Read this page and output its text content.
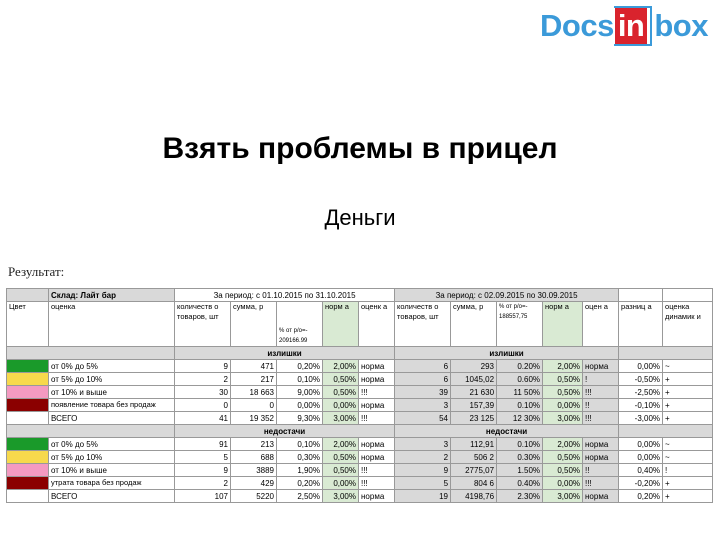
Docs in box
Взять проблемы в прицел
Деньги
Результат:
	Склад: Лайт бар	За период: с 01.10.2015 по 31.10.2015					За период: с 02.09.2015 по 30.09.2015						
Цвет	оценка	количеств о товаров, шт	сумма, р	% от р/о=- 209166.99	норм а	оценк а	количеств о товаров, шт	сумма, р	% от р/о=- 188557,75	норм а	оцен а	разниц а	оценка динамик и
		излишки					излишки						

	от 0% до 5%	9	471	0,20%	2,00%	норма	6	293	0.20%	2,00%	норма	0,00%	~

	от 5% до 10%	2	217	0,10%	0,50%	норма	6	1045,02	0.60%	0,50%	!	-0,50%	+

	от 10% и выше	30	18 663	9,00%	0,50%	!!!	39	21 630	11 50%	0,50%	!!!	-2,50%	+

	появление товара без продаж	0	0	0,00%	0,00%	норма	3	157,39	0.10%	0,00%	!!	-0,10%	+
	ВСЕГО	41	19 352	9,30%	3,00%	!!!	54	23 125	12 30%	3,00%	!!!	-3,00%	+
		недостачи					недостачи						

	от 0% до 5%	91	213	0,10%	2,00%	норма	3	112,91	0.10%	2,00%	норма	0,00%	~

	от 5% до 10%	5	688	0,30%	0,50%	норма	2	506 2	0.30%	0,50%	норма	0,00%	~

	от 10% и выше	9	3889	1,90%	0,50%	!!!	9	2775,07	1.50%	0,50%	!!	0,40%	!

	утрата товара без продаж	2	429	0,20%	0,00%	!!!	5	804 6	0.40%	0,00%	!!!	-0,20%	+
	ВСЕГО	107	5220	2,50%	3,00%	норма	19	4198,76	2.30%	3,00%	норма	0,20%	+
